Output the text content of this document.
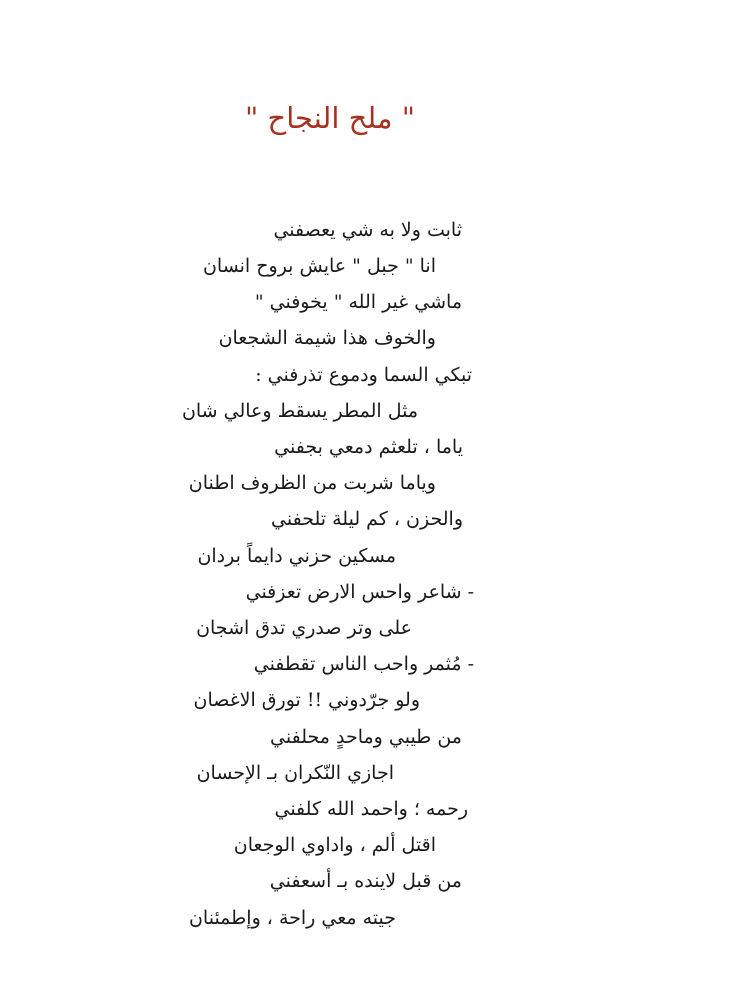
" ملح النجاح "
ثابت ولا به شي يعصفني
انا " جبل " عايش بروح انسان
ماشي غير الله " يخوفني "
والخوف هذا شيمة الشجعان
تبكي السما ودموع تذرفني :
مثل المطر يسقط وعالي شان
ياما ، تلعثم دمعي بجفني
وياما شربت من الظروف اطنان
والحزن ، كم ليلة تلحفني
مسكين حزني دايماً بردان
- شاعر واحس الارض تعزفني
على وتر صدري تدق اشجان
- مُثمر واحب الناس تقطفني
ولو جرّدوني !! تورق الاغصان
من طيبي وماحدٍ محلفني
اجازي النّكران بـ الإحسان
رحمه ؛ واحمد الله كلفني
اقتل ألم ، واداوي الوجعان
من قبل لاينده بـ أسعفني
جيته معي راحة ، وإطمئنان
